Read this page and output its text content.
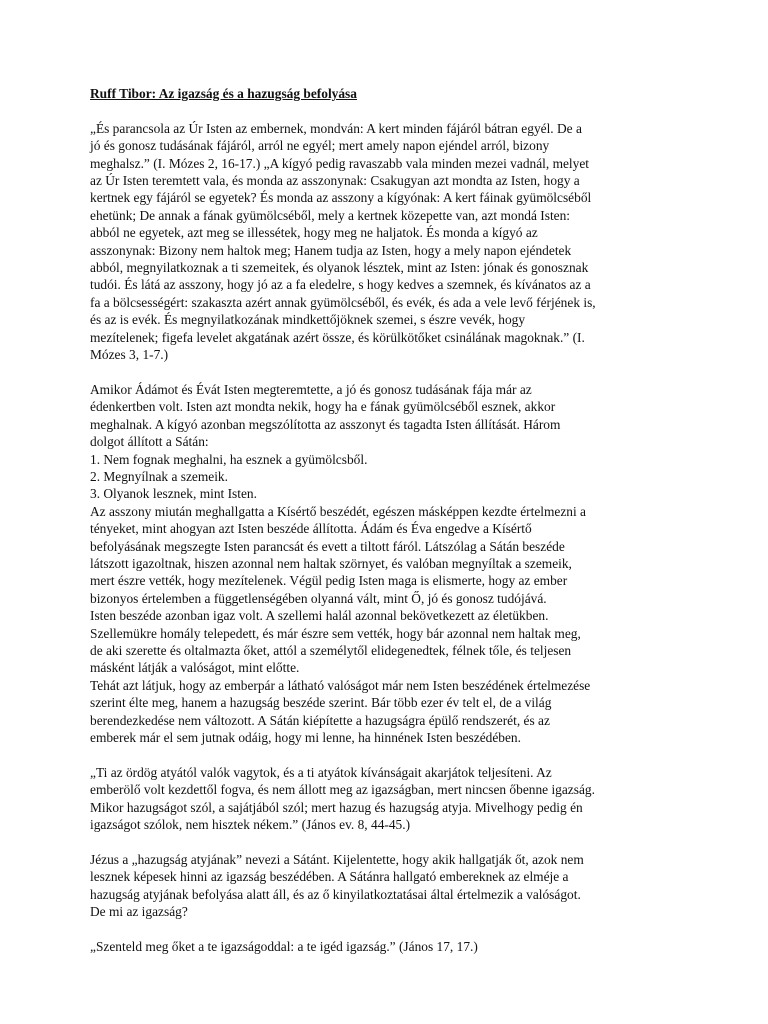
Ruff Tibor: Az igazság és a hazugság befolyása

„És parancsola az Úr Isten az embernek, mondván: A kert minden fájáról bátran egyél. De a
jó és gonosz tudásának fájáról, arról ne egyél; mert amely napon ejéndel arról, bizony
meghalsz.” (I. Mózes 2, 16-17.) „A kígyó pedig ravaszabb vala minden mezei vadnál, melyet
az Úr Isten teremtett vala, és monda az asszonynak: Csakugyan azt mondta az Isten, hogy a
kertnek egy fájáról se egyetek? És monda az asszony a kígyónak: A kert fáinak gyümölcséből
ehetünk; De annak a fának gyümölcséből, mely a kertnek közepette van, azt mondá Isten:
abból ne egyetek, azt meg se illessétek, hogy meg ne haljatok. És monda a kígyó az
asszonynak: Bizony nem haltok meg; Hanem tudja az Isten, hogy a mely napon ejéndetek
abból, megnyilatkoznak a ti szemeitek, és olyanok lésztek, mint az Isten: jónak és gonosznak
tudói. És látá az asszony, hogy jó az a fa eledelre, s hogy kedves a szemnek, és kívánatos az a
fa a bölcsességért: szakaszta azért annak gyümölcséből, és evék, és ada a vele levő férjének is,
és az is evék. És megnyilatkozának mindkettőjöknek szemei, s észre vevék, hogy
mezítelenek; figefa levelet akgatának azért össze, és körülkötőket csinálának magoknak.” (I.
Mózes 3, 1-7.)

Amikor Ádámot és Évát Isten megteremtette, a jó és gonosz tudásának fája már az
édenkertben volt. Isten azt mondta nekik, hogy ha e fának gyümölcséből esznek, akkor
meghalnak. A kígyó azonban megszólította az asszonyt és tagadta Isten állítását. Három
dolgot állított a Sátán:
1. Nem fognak meghalni, ha esznek a gyümölcsből.
2. Megnyílnak a szemeik.
3. Olyanok lesznek, mint Isten.
Az asszony miután meghallgatta a Kísértő beszédét, egészen másképpen kezdte értelmezni a
tényeket, mint ahogyan azt Isten beszéde állította. Ádám és Éva engedve a Kísértő
befolyásának megszegte Isten parancsát és evett a tiltott fáról. Látszólag a Sátán beszéde
látszott igazoltnak, hiszen azonnal nem haltak szörnyet, és valóban megnyíltak a szemeik,
mert észre vették, hogy mezítelenek. Végül pedig Isten maga is elismerte, hogy az ember
bizonyos értelemben a függetlenségében olyanná vált, mint Ő, jó és gonosz tudójává.
Isten beszéde azonban igaz volt. A szellemi halál azonnal bekövetkezett az életükben.
Szellemükre homály telepedett, és már észre sem vették, hogy bár azonnal nem haltak meg,
de aki szerette és oltalmazta őket, attól a személytől elidegenedtek, félnek tőle, és teljesen
másként látják a valóságot, mint előtte.
Tehát azt látjuk, hogy az emberpár a látható valóságot már nem Isten beszédének értelmezése
szerint élte meg, hanem a hazugság beszéde szerint. Bár több ezer év telt el, de a világ
berendezkedése nem változott. A Sátán kiépítette a hazugságra épülő rendszerét, és az
emberek már el sem jutnak odáig, hogy mi lenne, ha hinnének Isten beszédében.

„Ti az ördög atyától valók vagytok, és a ti atyátok kívánságait akarjátok teljesíteni. Az
emberölő volt kezdettől fogva, és nem állott meg az igazságban, mert nincsen őbenne igazság.
Mikor hazugságot szól, a sajátjából szól; mert hazug és hazugság atyja. Mivelhogy pedig én
igazságot szólok, nem hisztek nékem.” (János ev. 8, 44-45.)

Jézus a „hazugság atyjának” nevezi a Sátánt. Kijelentette, hogy akik hallgatják őt, azok nem
lesznek képesek hinni az igazság beszédében. A Sátánra hallgató embereknek az elméje a
hazugság atyjának befolyása alatt áll, és az ő kinyilatkoztatásai által értelmezik a valóságot.
De mi az igazság?

„Szenteld meg őket a te igazságoddal: a te igéd igazság.” (János 17, 17.)
